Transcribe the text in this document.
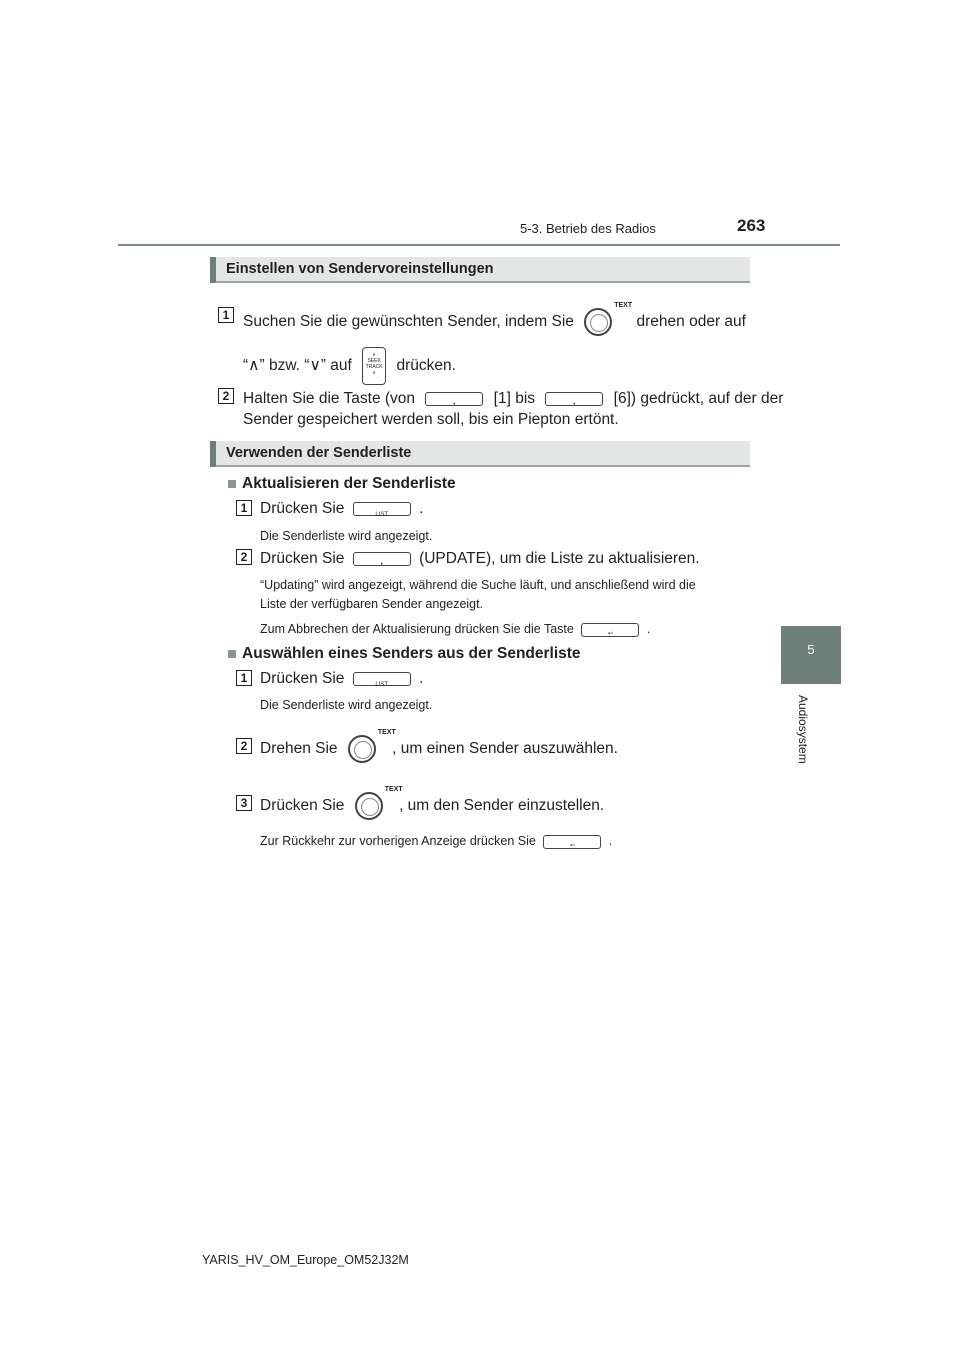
5-3. Betrieb des Radios	263
5
Audiosystem
Einstellen von Sendervoreinstellungen
1 Suchen Sie die gewünschten Sender, indem Sie
TEXT
drehen oder auf
“∧” bzw. “∨” auf ∧
SEEK
TRACK
∨ drücken.
2 Halten Sie die Taste (von	• [1] bis	• [6]) gedrückt, auf der der
Sender gespeichert werden soll, bis ein Piepton ertönt.
Verwenden der Senderliste
Aktualisieren der Senderliste
1 Drücken Sie	LIST .
Die Senderliste wird angezeigt.
2 Drücken Sie	• (UPDATE), um die Liste zu aktualisieren.
“Updating” wird angezeigt, während die Suche läuft, und anschließend wird die
Liste der verfügbaren Sender angezeigt.
Zum Abbrechen der Aktualisierung drücken Sie die Taste	↩	.
Auswählen eines Senders aus der Senderliste
1 Drücken Sie	LIST .
Die Senderliste wird angezeigt.
2 Drehen Sie
TEXT
, um einen Sender auszuwählen.
3 Drücken Sie
TEXT
, um den Sender einzustellen.
Zur Rückkehr zur vorherigen Anzeige drücken Sie	↩	.
YARIS_HV_OM_Europe_OM52J32M
